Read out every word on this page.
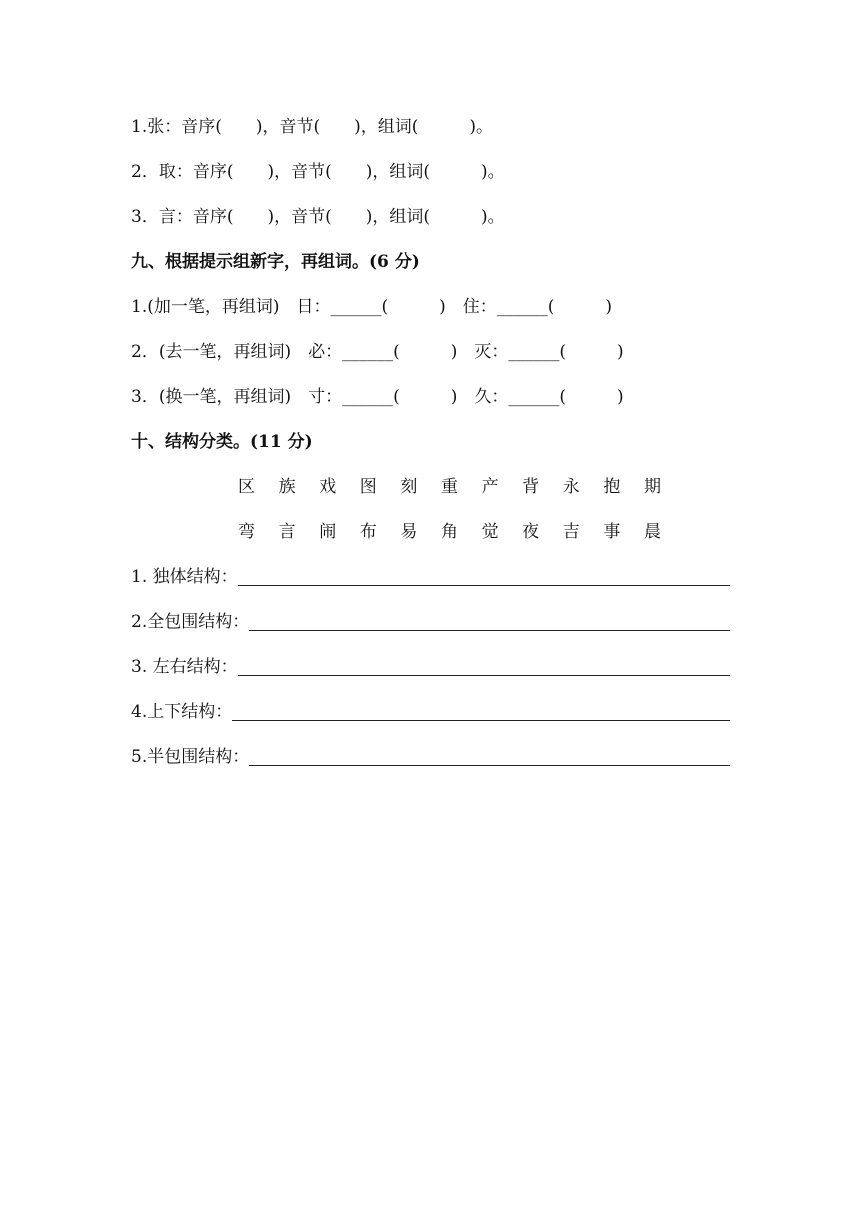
1.张：音序(　　)，音节(　　)，组词(　　　)。
2．取：音序(　　)，音节(　　)，组词(　　　)。
3．言：音序(　　)，音节(　　)，组词(　　　)。
九、根据提示组新字，再组词。(6 分)
1.(加一笔，再组词)　日：______(　　　)　住：______(　　　)
2．(去一笔，再组词)　必：______(　　　)　灭：______(　　　)
3．(换一笔，再组词)　寸：______(　　　)　久：______(　　　)
十、结构分类。(11 分)
区	族	戏	图	刻	重	产	背	永	抱	期
弯	言	闹	布	易	角	觉	夜	吉	事	晨
1. 独体结构：
2.全包围结构：
3. 左右结构：
4.上下结构：
5.半包围结构：
